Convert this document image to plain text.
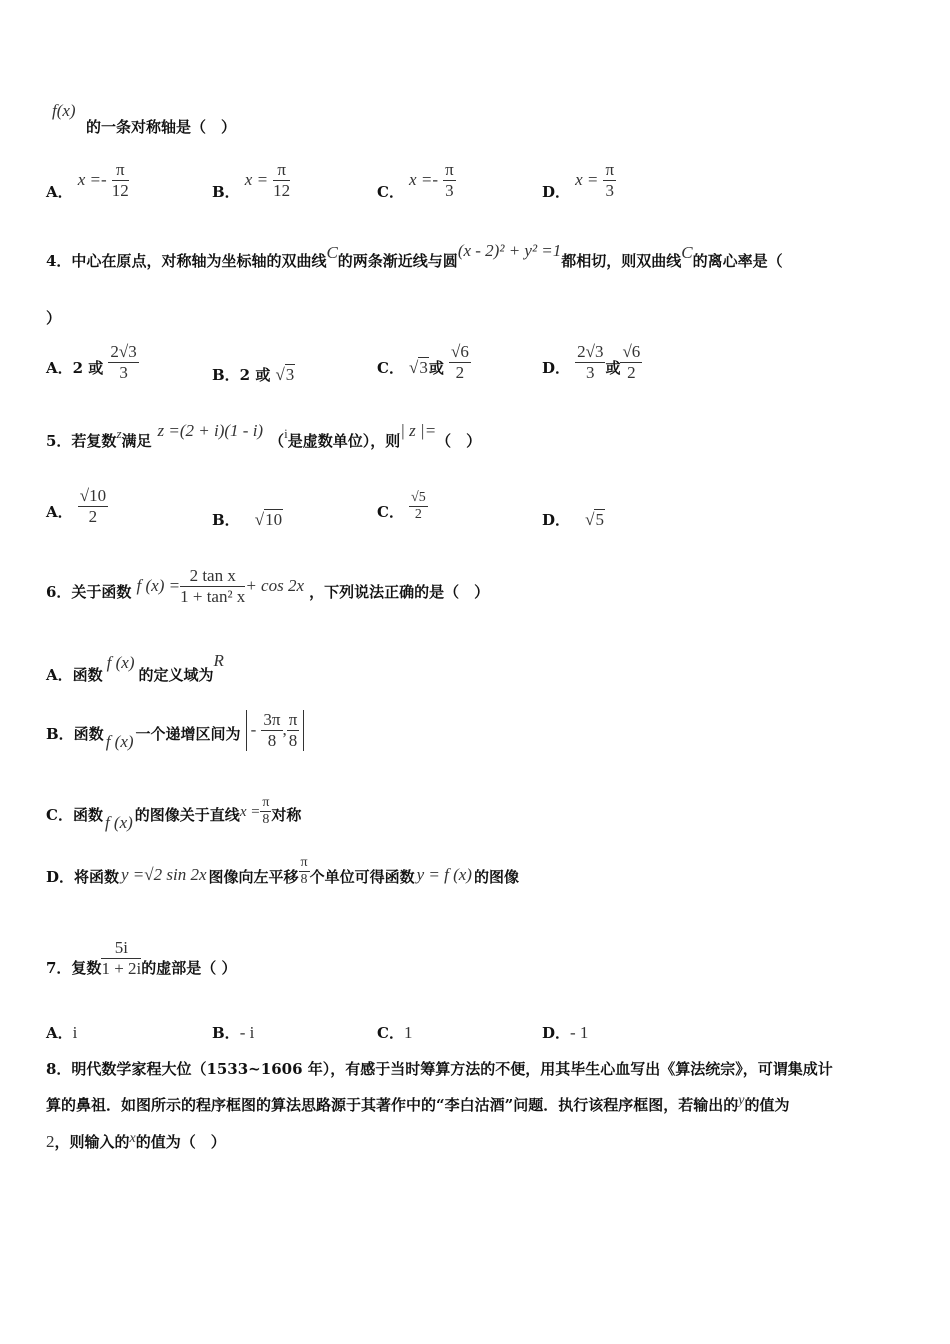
f(x)
的一条对称轴是（　）
A． $x =- \frac{\pi}{12}$	B． $x = \frac{\pi}{12}$	C． $x =- \frac{\pi}{3}$	D． $x = \frac{\pi}{3}$
4．中心在原点，对称轴为坐标轴的双曲线C的两条渐近线与圆(x - 2)² + y² =1都相切，则双曲线C的离心率是（
）
A．2 或 $\frac{2√3}{3}$	B．2 或 √3	C． √3或 $\frac{√6}{2}$	D． $\frac{2√3}{3}$ 或 $\frac{√6}{2}$
5．若复数$^z$满足z =(2 + i)(1 - i)（$^i$是虚数单位），则| z |=（　）
A． $\frac{√10}{2}$	B． √10	C． $\frac{√5}{2}$	D． √5
6．关于函数 f $(x) = \frac{\text{2 tan x}}{\text{1 + tan² x}} + \cos 2x$ ，下列说法正确的是（　）
A．函数f (x)的定义域为R
B．函数 f (x) 一个递增区间为 - $\frac{3\pi}{8}$ , $\frac{\pi}{8}$
C．函数 f (x) 的图像关于直线$x = \frac{\pi}{8}$ 对称
D．将函数 y =√2 sin 2x 图像向左平移 $\frac{\pi}{8}$ 个单位可得函数 y = f (x) 的图像
7．复数 $\frac{5i}{1 + 2i}$ 的虚部是（ ）
A．i	B．- i	C．1	D．- 1
8．明代数学家程大位（1533~1606 年），有感于当时筹算方法的不便，用其毕生心血写出《算法统宗》，可谓集成计
算的鼻祖．如图所示的程序框图的算法思路源于其著作中的“李白沽酒”问题．执行该程序框图，若输出的y的值为
2，则输入的x的值为（　）
